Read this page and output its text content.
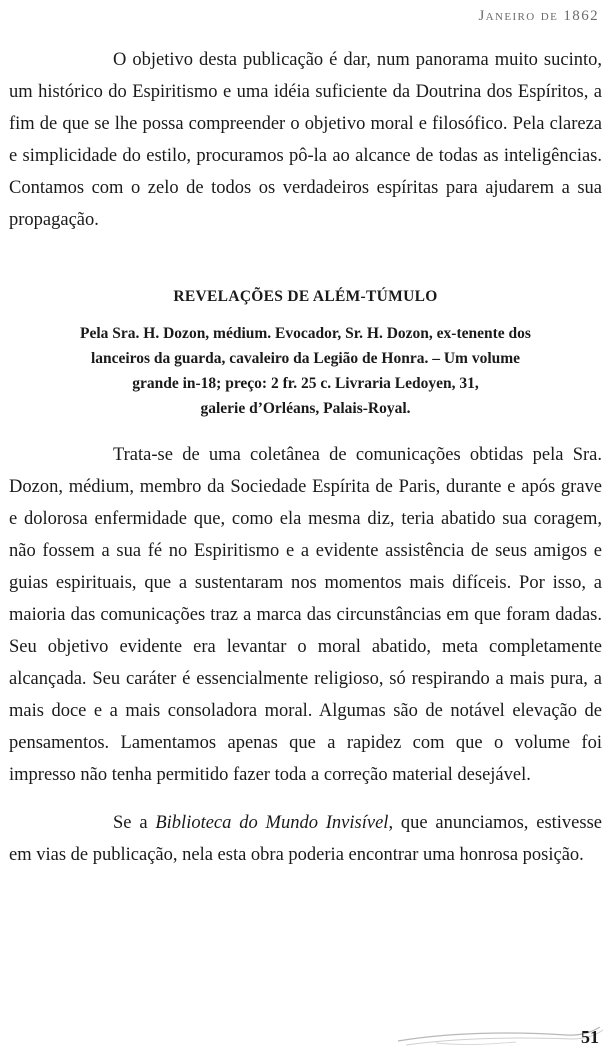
Janeiro de 1862

O objetivo desta publicação é dar, num panorama muito sucinto, um histórico do Espiritismo e uma idéia suficiente da Doutrina dos Espíritos, a fim de que se lhe possa compreender o objetivo moral e filosófico. Pela clareza e simplicidade do estilo, procuramos pô-la ao alcance de todas as inteligências. Contamos com o zelo de todos os verdadeiros espíritas para ajudarem a sua propagação.

REVELAÇÕES DE ALÉM-TÚMULO
Pela Sra. H. Dozon, médium. Evocador, Sr. H. Dozon, ex-tenente dos
lanceiros da guarda, cavaleiro da Legião de Honra. – Um volume
grande in-18; preço: 2 fr. 25 c. Livraria Ledoyen, 31,
galerie d’Orléans, Palais-Royal.

Trata-se de uma coletânea de comunicações obtidas pela Sra. Dozon, médium, membro da Sociedade Espírita de Paris, durante e após grave e dolorosa enfermidade que, como ela mesma diz, teria abatido sua coragem, não fossem a sua fé no Espiritismo e a evidente assistência de seus amigos e guias espirituais, que a sustentaram nos momentos mais difíceis. Por isso, a maioria das comunicações traz a marca das circunstâncias em que foram dadas. Seu objetivo evidente era levantar o moral abatido, meta completamente alcançada. Seu caráter é essencialmente religioso, só respirando a mais pura, a mais doce e a mais consoladora moral. Algumas são de notável elevação de pensamentos. Lamentamos apenas que a rapidez com que o volume foi impresso não tenha permitido fazer toda a correção material desejável.

Se a Biblioteca do Mundo Invisível, que anunciamos, estivesse em vias de publicação, nela esta obra poderia encontrar uma honrosa posição.

51
